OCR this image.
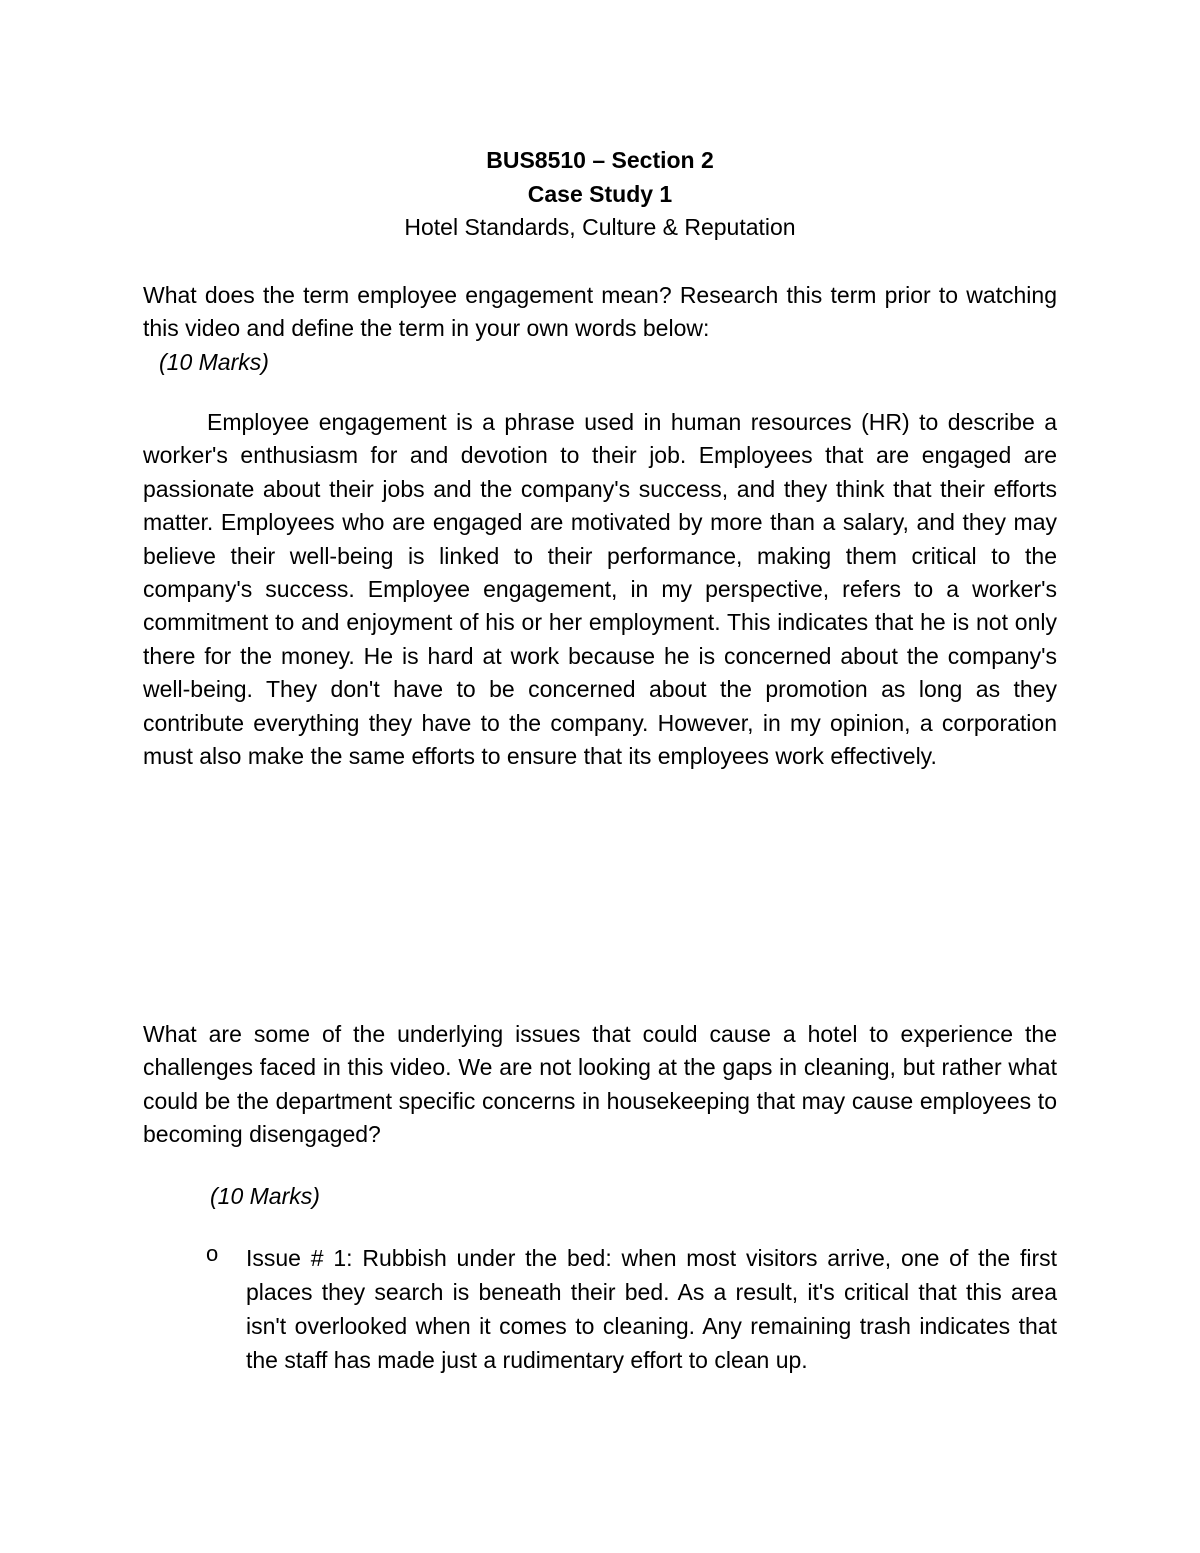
BUS8510 – Section 2
Case Study 1
Hotel Standards, Culture & Reputation

What does the term employee engagement mean? Research this term prior to watching this video and define the term in your own words below:

(10 Marks)

Employee engagement is a phrase used in human resources (HR) to describe a worker's enthusiasm for and devotion to their job. Employees that are engaged are passionate about their jobs and the company's success, and they think that their efforts matter. Employees who are engaged are motivated by more than a salary, and they may believe their well-being is linked to their performance, making them critical to the company's success. Employee engagement, in my perspective, refers to a worker's commitment to and enjoyment of his or her employment. This indicates that he is not only there for the money. He is hard at work because he is concerned about the company's well-being. They don't have to be concerned about the promotion as long as they contribute everything they have to the company. However, in my opinion, a corporation must also make the same efforts to ensure that its employees work effectively.

What are some of the underlying issues that could cause a hotel to experience the challenges faced in this video. We are not looking at the gaps in cleaning, but rather what could be the department specific concerns in housekeeping that may cause employees to becoming disengaged?

(10 Marks)
o	Issue # 1: Rubbish under the bed: when most visitors arrive, one of the first places they search is beneath their bed. As a result, it's critical that this area isn't overlooked when it comes to cleaning. Any remaining trash indicates that the staff has made just a rudimentary effort to clean up.
